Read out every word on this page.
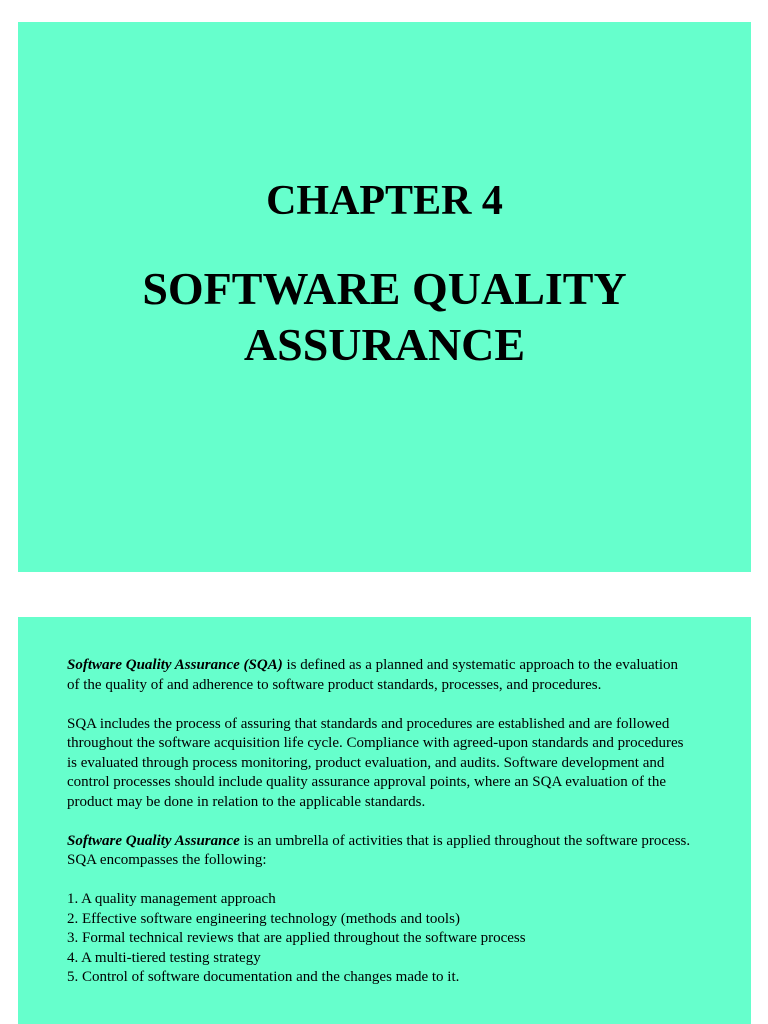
CHAPTER 4
SOFTWARE QUALITY
ASSURANCE

Software Quality Assurance (SQA) is defined as a planned and systematic approach to the evaluation of the quality of and adherence to software product standards, processes, and procedures.

SQA includes the process of assuring that standards and procedures are established and are followed throughout the software acquisition life cycle. Compliance with agreed-upon standards and procedures is evaluated through process monitoring, product evaluation, and audits. Software development and control processes should include quality assurance approval points, where an SQA evaluation of the product may be done in relation to the applicable standards.

Software Quality Assurance is an umbrella of activities that is applied throughout the software process. SQA encompasses the following:

1. A quality management approach
2. Effective software engineering technology (methods and tools)
3. Formal technical reviews that are applied throughout the software process
4. A multi-tiered testing strategy
5. Control of software documentation and the changes made to it.
